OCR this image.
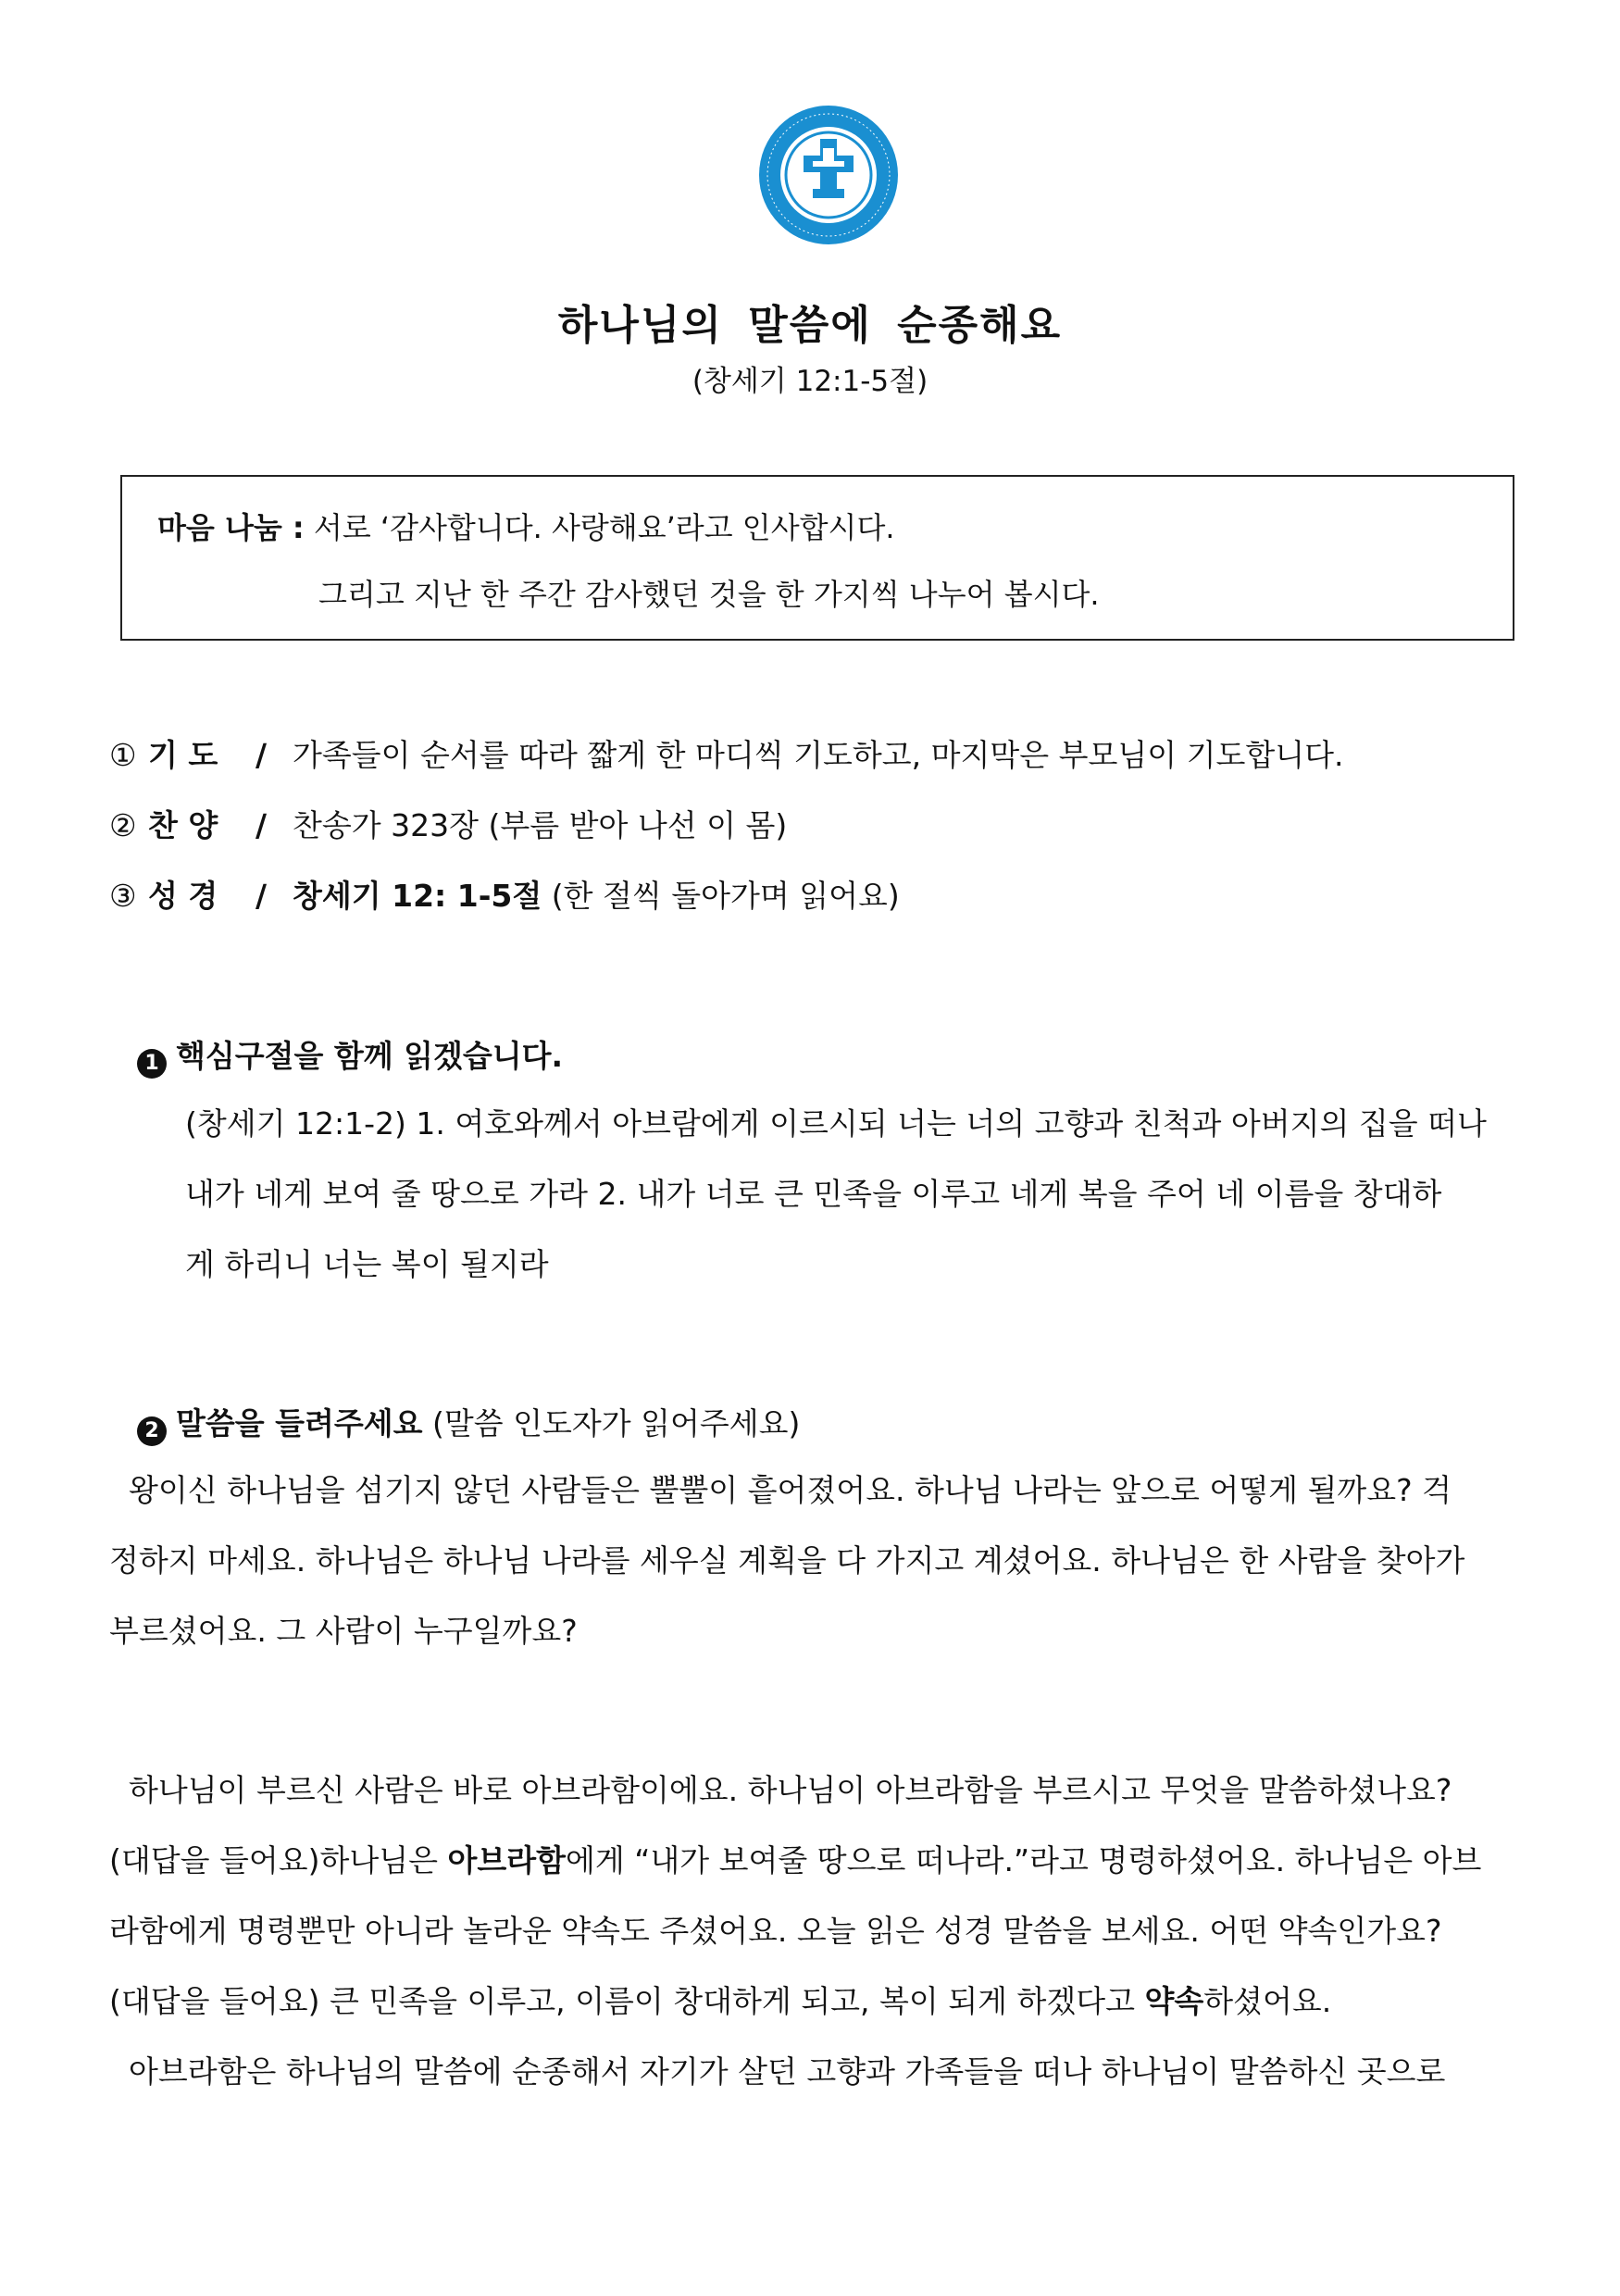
하나님의 말씀에 순종해요
(창세기 12:1-5절)
마음 나눔 : 서로 ‘감사합니다. 사랑해요’라고 인사합시다.
그리고 지난 한 주간 감사했던 것을 한 가지씩 나누어 봅시다.
① 기 도 / 가족들이 순서를 따라 짧게 한 마디씩 기도하고, 마지막은 부모님이 기도합니다.
② 찬 양 / 찬송가 323장 (부름 받아 나선 이 몸)
③ 성 경 / 창세기 12: 1-5절 (한 절씩 돌아가며 읽어요)
1 핵심구절을 함께 읽겠습니다.
(창세기 12:1-2) 1. 여호와께서 아브람에게 이르시되 너는 너의 고향과 친척과 아버지의 집을 떠나
내가 네게 보여 줄 땅으로 가라 2. 내가 너로 큰 민족을 이루고 네게 복을 주어 네 이름을 창대하
게 하리니 너는 복이 될지라
2 말씀을 들려주세요 (말씀 인도자가 읽어주세요)
왕이신 하나님을 섬기지 않던 사람들은 뿔뿔이 흩어졌어요. 하나님 나라는 앞으로 어떻게 될까요? 걱
정하지 마세요. 하나님은 하나님 나라를 세우실 계획을 다 가지고 계셨어요. 하나님은 한 사람을 찾아가
부르셨어요. 그 사람이 누구일까요?
하나님이 부르신 사람은 바로 아브라함이에요. 하나님이 아브라함을 부르시고 무엇을 말씀하셨나요?
(대답을 들어요)하나님은 아브라함에게 “내가 보여줄 땅으로 떠나라.”라고 명령하셨어요. 하나님은 아브
라함에게 명령뿐만 아니라 놀라운 약속도 주셨어요. 오늘 읽은 성경 말씀을 보세요. 어떤 약속인가요?
(대답을 들어요) 큰 민족을 이루고, 이름이 창대하게 되고, 복이 되게 하겠다고 약속하셨어요.
아브라함은 하나님의 말씀에 순종해서 자기가 살던 고향과 가족들을 떠나 하나님이 말씀하신 곳으로
